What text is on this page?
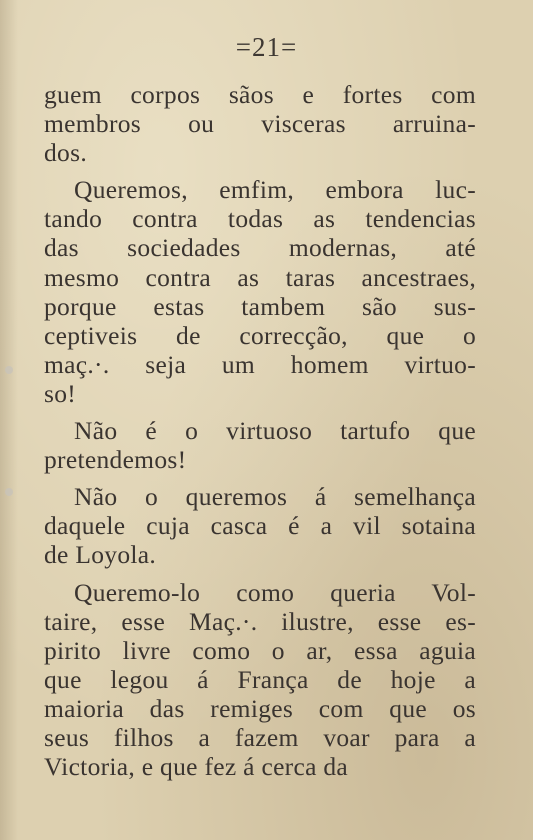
=21=
guem corpos sãos e fortes com
membros ou visceras arruina-
dos.
Queremos, emfim, embora luc-
tando contra todas as tendencias
das sociedades modernas, até
mesmo contra as taras ancestraes,
porque estas tambem são sus-
ceptiveis de correcção, que o
maç.·. seja um homem virtuo-
so!
Não é o virtuoso tartufo que
pretendemos!
Não o queremos á semelhança
daquele cuja casca é a vil sotaina
de Loyola.
Queremo-lo como queria Vol-
taire, esse Maç.·. ilustre, esse es-
pirito livre como o ar, essa aguia
que legou á França de hoje a
maioria das remiges com que os
seus filhos a fazem voar para a
Victoria, e que fez á cerca da
